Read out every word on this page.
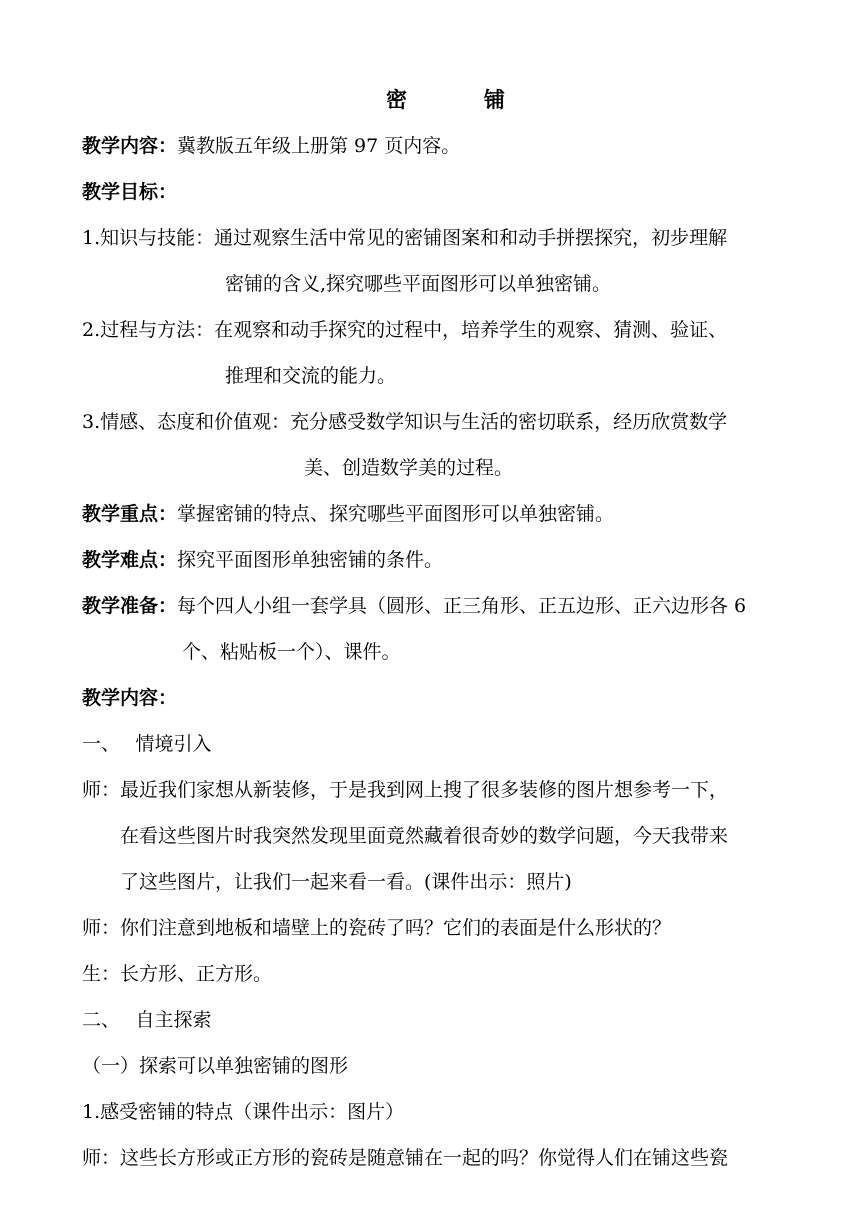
密　铺
教学内容：冀教版五年级上册第 97 页内容。
教学目标：
1.知识与技能：通过观察生活中常见的密铺图案和和动手拼摆探究，初步理解
密铺的含义,探究哪些平面图形可以单独密铺。
2.过程与方法：在观察和动手探究的过程中，培养学生的观察、猜测、验证、
推理和交流的能力。
3.情感、态度和价值观：充分感受数学知识与生活的密切联系，经历欣赏数学
美、创造数学美的过程。
教学重点：掌握密铺的特点、探究哪些平面图形可以单独密铺。
教学难点：探究平面图形单独密铺的条件。
教学准备：每个四人小组一套学具（圆形、正三角形、正五边形、正六边形各 6
个、粘贴板一个）、课件。
教学内容：
一、　 情境引入
师：最近我们家想从新装修，于是我到网上搜了很多装修的图片想参考一下，
在看这些图片时我突然发现里面竟然藏着很奇妙的数学问题，今天我带来
了这些图片，让我们一起来看一看。(课件出示：照片)
师：你们注意到地板和墙壁上的瓷砖了吗？它们的表面是什么形状的？
生：长方形、正方形。
二、　 自主探索
（一）探索可以单独密铺的图形
1.感受密铺的特点（课件出示：图片）
师：这些长方形或正方形的瓷砖是随意铺在一起的吗？你觉得人们在铺这些瓷
